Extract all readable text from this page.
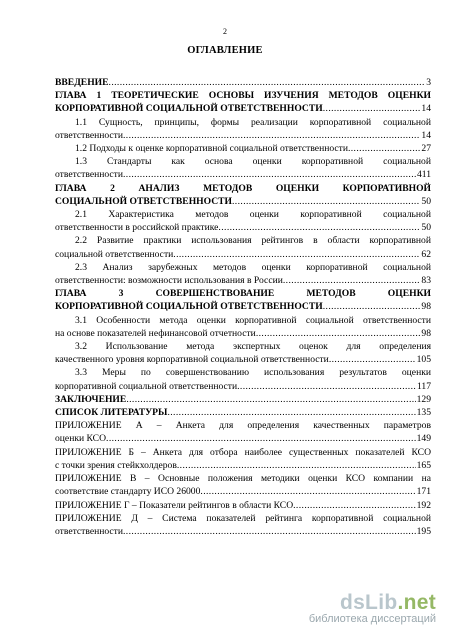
2
ОГЛАВЛЕНИЕ
ВВЕДЕНИЕ .....	3
ГЛАВА 1 ТЕОРЕТИЧЕСКИЕ ОСНОВЫ ИЗУЧЕНИЯ МЕТОДОВ ОЦЕНКИ
КОРПОРАТИВНОЙ СОЦИАЛЬНОЙ ОТВЕТСТВЕННОСТИ .....	14
1.1 Сущность, принципы, формы реализации корпоративной социальной
ответственности .....	14
1.2 Подходы к оценке корпоративной социальной ответственности .....	27
1.3 Стандарты как основа оценки корпоративной социальной
ответственности .....	411
ГЛАВА 2 АНАЛИЗ МЕТОДОВ ОЦЕНКИ КОРПОРАТИВНОЙ
СОЦИАЛЬНОЙ ОТВЕТСТВЕННОСТИ .....	50
2.1 Характеристика методов оценки корпоративной социальной
ответственности в российской практике .....	50
2.2 Развитие практики использования рейтингов в области корпоративной
социальной ответственности .....	62
2.3 Анализ зарубежных методов оценки корпоративной социальной
ответственности: возможности использования в России .....	83
ГЛАВА 3 СОВЕРШЕНСТВОВАНИЕ МЕТОДОВ ОЦЕНКИ
КОРПОРАТИВНОЙ СОЦИАЛЬНОЙ ОТВЕТСТВЕННОСТИ .....	98
3.1 Особенности метода оценки корпоративной социальной ответственности
на основе показателей нефинансовой отчетности .....	98
3.2 Использование метода экспертных оценок для определения
качественного уровня корпоративной социальной ответственности .....	105
3.3 Меры по совершенствованию использования результатов оценки
корпоративной социальной ответственности .....	117
ЗАКЛЮЧЕНИЕ .....	129
СПИСОК ЛИТЕРАТУРЫ .....	135
ПРИЛОЖЕНИЕ А – Анкета для определения качественных параметров
оценки КСО .....	149
ПРИЛОЖЕНИЕ Б – Анкета для отбора наиболее существенных показателей КСО
с точки зрения стейкхолдеров .....	165
ПРИЛОЖЕНИЕ В – Основные положения методики оценки КСО компании на
соответствие стандарту ИСО 26000 .....	171
ПРИЛОЖЕНИЕ Г – Показатели рейтингов в области КСО .....	192
ПРИЛОЖЕНИЕ Д – Система показателей рейтинга корпоративной социальной
ответственности .....	195
dsLib.net
библиотека диссертаций
